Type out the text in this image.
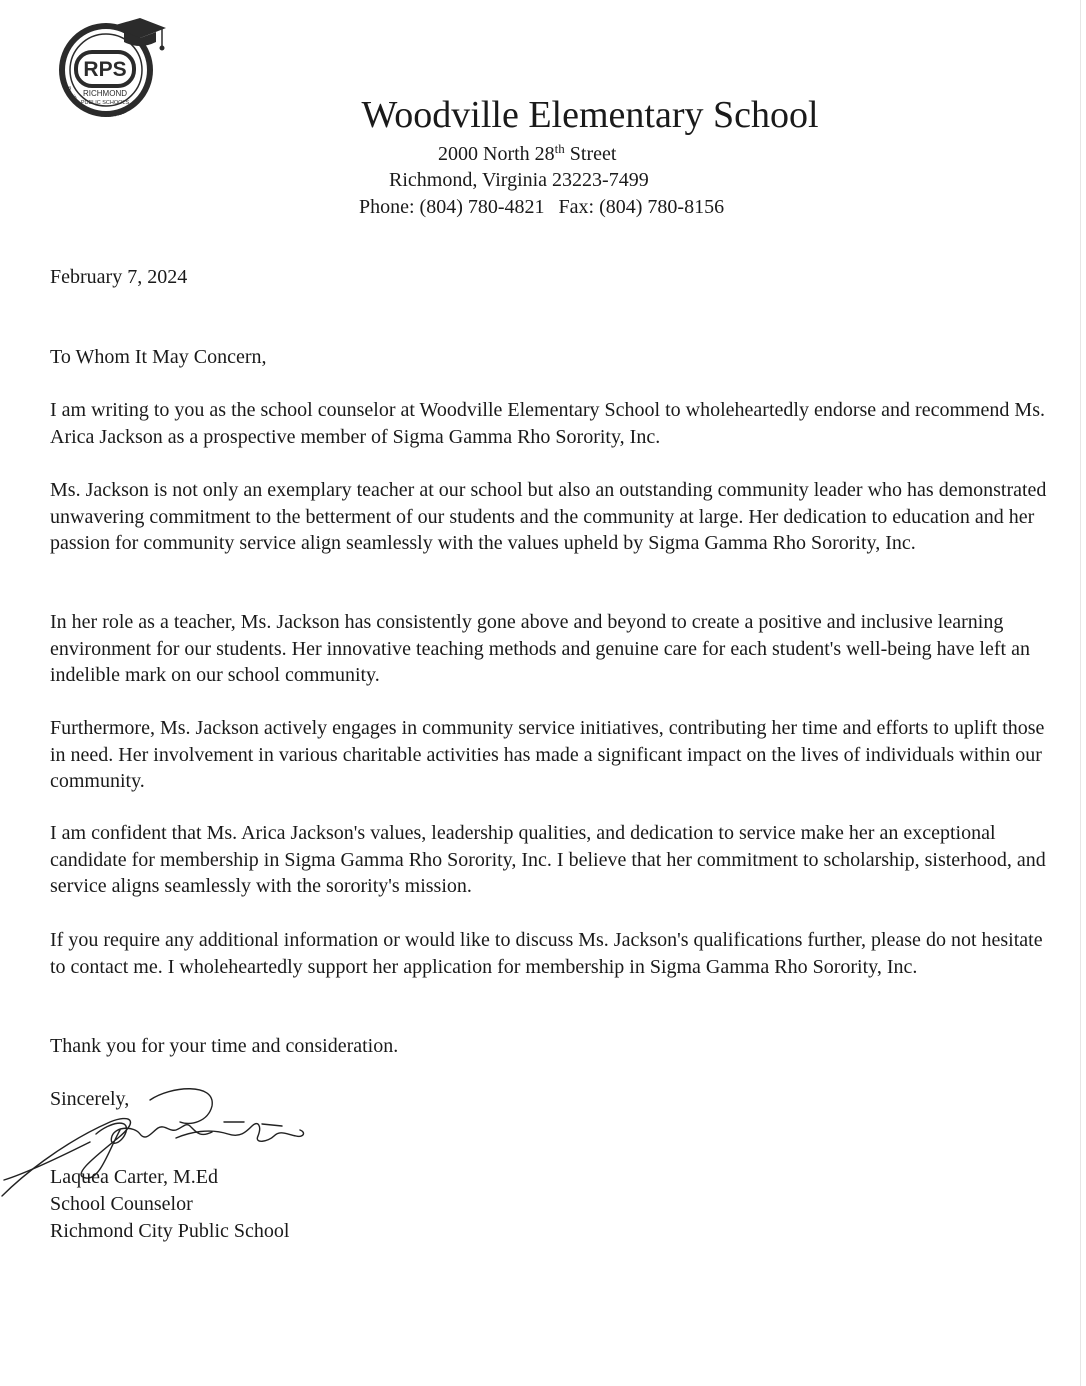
RPS
RICHMOND
PUBLIC SCHOOLS
Resilience. Pride. Success.	Woodville Elementary School
2000 North 28th Street
Richmond, Virginia 23223-7499
Phone: (804) 780-4821 Fax: (804) 780-8156

February 7, 2024

To Whom It May Concern,

I am writing to you as the school counselor at Woodville Elementary School to wholeheartedly endorse and recommend Ms. Arica Jackson as a prospective member of Sigma Gamma Rho Sorority, Inc.

Ms. Jackson is not only an exemplary teacher at our school but also an outstanding community leader who has demonstrated unwavering commitment to the betterment of our students and the community at large. Her dedication to education and her passion for community service align seamlessly with the values upheld by Sigma Gamma Rho Sorority, Inc.

In her role as a teacher, Ms. Jackson has consistently gone above and beyond to create a positive and inclusive learning environment for our students. Her innovative teaching methods and genuine care for each student's well-being have left an indelible mark on our school community.

Furthermore, Ms. Jackson actively engages in community service initiatives, contributing her time and efforts to uplift those in need. Her involvement in various charitable activities has made a significant impact on the lives of individuals within our community.

I am confident that Ms. Arica Jackson's values, leadership qualities, and dedication to service make her an exceptional candidate for membership in Sigma Gamma Rho Sorority, Inc. I believe that her commitment to scholarship, sisterhood, and service aligns seamlessly with the sorority's mission.

If you require any additional information or would like to discuss Ms. Jackson's qualifications further, please do not hesitate to contact me. I wholeheartedly support her application for membership in Sigma Gamma Rho Sorority, Inc.

Thank you for your time and consideration.

Sincerely,

Laquea Carter, M.Ed

School Counselor

Richmond City Public School
